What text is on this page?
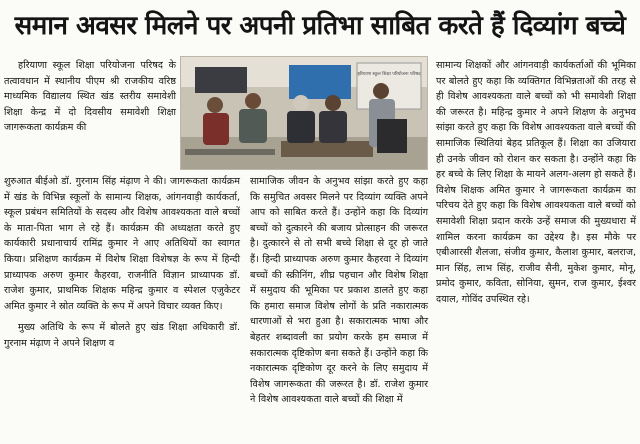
समान अवसर मिलने पर अपनी प्रतिभा साबित करते हैं दिव्यांग बच्चे

हरियाणा स्कूल शिक्षा परियोजना परिषद के तत्वावधान में स्थानीय पीएम श्री राजकीय वरिष्ठ माध्यमिक विद्यालय स्थित खंड स्तरीय समावेशी शिक्षा केन्द्र में दो दिवसीय समावेशी शिक्षा जागरूकता कार्यक्रम की

हरियाणा स्कूल शिक्षा परियोजना परिषद

शुरुआत बीईओ डॉ. गुरनाम सिंह मंढ़ाण ने की। जागरूकता कार्यक्रम में खंड के विभिन्न स्कूलों के सामान्य शिक्षक, आंगनवाड़ी कार्यकर्ता, स्कूल प्रबंधन समितियों के सदस्य और विशेष आवश्यकता वाले बच्चों के माता-पिता भाग ले रहे हैं। कार्यक्रम की अध्यक्षता करते हुए कार्यकारी प्रधानाचार्य रामिंद्र कुमार ने आए अतिथियों का स्वागत किया। प्रशिक्षण कार्यक्रम में विशेष शिक्षा विशेषज्ञ के रूप में हिन्दी प्राध्यापक अरुण कुमार कैहरवा, राजनीति विज्ञान प्राध्यापक डॉ. राजेश कुमार, प्राथमिक शिक्षक महिन्द्र कुमार व स्पेशल एजुकेटर अमित कुमार ने स्रोत व्यक्ति के रूप में अपने विचार व्यक्त किए।

मुख्य अतिथि के रूप में बोलते हुए खंड शिक्षा अधिकारी डॉ. गुरनाम मंढ़ाण ने अपने शिक्षण व

सामाजिक जीवन के अनुभव सांझा करते हुए कहा कि समुचित अवसर मिलने पर दिव्यांग व्यक्ति अपने आप को साबित करते हैं। उन्होंने कहा कि दिव्यांग बच्चों को दुत्कारने की बजाय प्रोत्साहन की जरूरत है। दुत्कारने से तो सभी बच्चे शिक्षा से दूर हो जाते हैं। हिन्दी प्राध्यापक अरुण कुमार कैहरवा ने दिव्यांग बच्चों की स्क्रीनिंग, शीघ्र पहचान और विशेष शिक्षा में समुदाय की भूमिका पर प्रकाश डालते हुए कहा कि हमारा समाज विशेष लोगों के प्रति नकारात्मक धारणाओं से भरा हुआ है। सकारात्मक भाषा और बेहतर शब्दावली का प्रयोग करके हम समाज में सकारात्मक दृष्टिकोण बना सकते हैं। उन्होंने कहा कि नकारात्मक दृष्टिकोण दूर करने के लिए समुदाय में विशेष जागरूकता की जरूरत है। डॉ. राजेश कुमार ने विशेष आवश्यकता वाले बच्चों की शिक्षा में

सामान्य शिक्षकों और आंगनवाड़ी कार्यकर्ताओं की भूमिका पर बोलते हुए कहा कि व्यक्तिगत विभिन्नताओं की तरह से ही विशेष आवश्यकता वाले बच्चों को भी समावेशी शिक्षा की जरूरत है। महिन्द्र कुमार ने अपने शिक्षण के अनुभव सांझा करते हुए कहा कि विशेष आवश्यकता वाले बच्चों की सामाजिक स्थितियां बेहद प्रतिकूल हैं। शिक्षा का उजियारा ही उनके जीवन को रोशन कर सकता है। उन्होंने कहा कि हर बच्चे के लिए शिक्षा के मायने अलग-अलग हो सकते हैं। विशेष शिक्षक अमित कुमार ने जागरूकता कार्यक्रम का परिचय देते हुए कहा कि विशेष आवश्यकता वाले बच्चों को समावेशी शिक्षा प्रदान करके उन्हें समाज की मुख्यधारा में शामिल करना कार्यक्रम का उद्देश्य है। इस मौके पर एबीआरसी शैलजा, संजीव कुमार, कैलाश कुमार, बलराज, मान सिंह, लाभ सिंह, राजीव सैनी, मुकेश कुमार, मोनू, प्रमोद कुमार, कविता, सोनिया, सुमन, राज कुमार, ईश्वर दयाल, गोविंद उपस्थित रहे।
